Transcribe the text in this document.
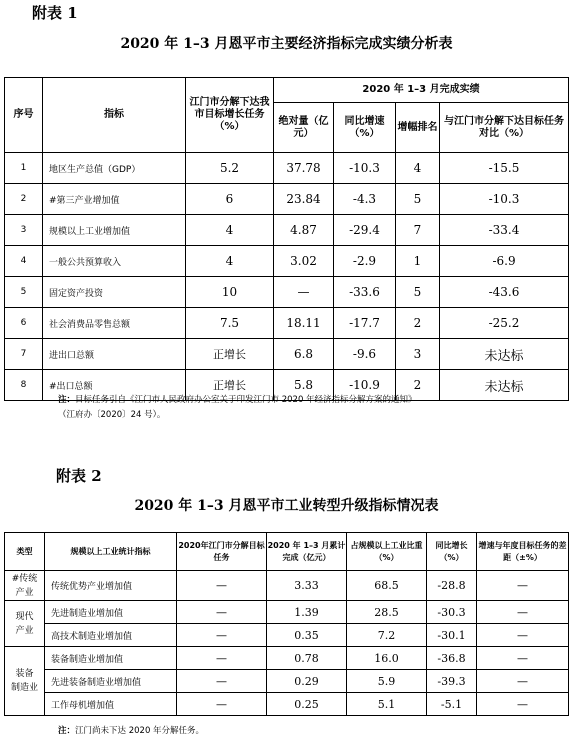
附表 1
2020 年 1–3 月恩平市主要经济指标完成实绩分析表
序号	指标	江门市分解下达我市目标增长任务（%）	2020 年 1–3 月完成实绩			
			绝对量（亿元）	同比增速（%）	增幅排名	与江门市分解下达目标任务对比（%）
1	地区生产总值（GDP）	5.2	37.78	-10.3	4	-15.5
2	#第三产业增加值	6	23.84	-4.3	5	-10.3
3	规模以上工业增加值	4	4.87	-29.4	7	-33.4
4	一般公共预算收入	4	3.02	-2.9	1	-6.9
5	固定资产投资	10	—	-33.6	5	-43.6
6	社会消费品零售总额	7.5	18.11	-17.7	2	-25.2
7	进出口总额	正增长	6.8	-9.6	3	未达标
8	#出口总额	正增长	5.8	-10.9	2	未达标
注：目标任务引自《江门市人民政府办公室关于印发江门市 2020 年经济指标分解方案的通知》
（江府办〔2020〕24 号）。
附表 2
2020 年 1–3 月恩平市工业转型升级指标情况表
类型	规模以上工业统计指标	2020年江门市分解目标任务	2020 年 1–3 月累计完成（亿元）	占规模以上工业比重（%）	同比增长（%）	增速与年度目标任务的差距（±%）
#传统
产业	传统优势产业增加值	—	3.33	68.5	-28.8	—
现代
产业	先进制造业增加值	—	1.39	28.5	-30.3	—
	高技术制造业增加值	—	0.35	7.2	-30.1	—
装备
制造业	装备制造业增加值	—	0.78	16.0	-36.8	—
	先进装备制造业增加值	—	0.29	5.9	-39.3	—
	工作母机增加值	—	0.25	5.1	-5.1	—
注：江门尚未下达 2020 年分解任务。
